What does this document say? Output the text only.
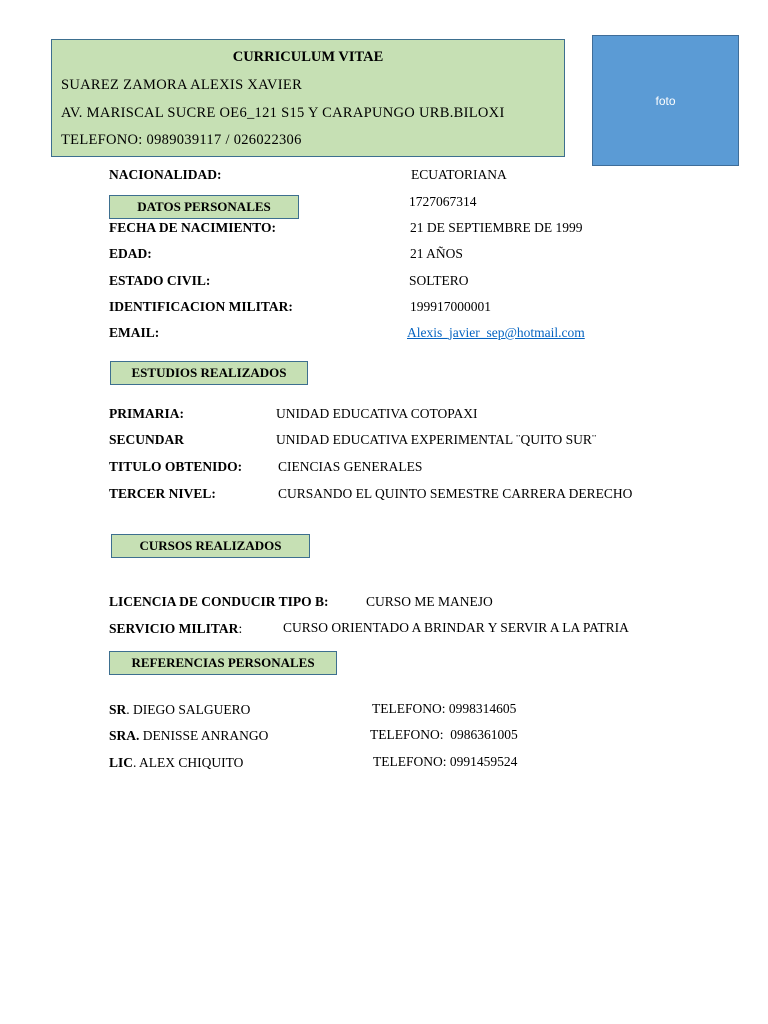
CURRICULUM VITAE
SUAREZ ZAMORA ALEXIS XAVIER
AV. MARISCAL SUCRE OE6_121 S15 Y CARAPUNGO URB.BILOXI
TELEFONO: 0989039117 / 026022306
foto
NACIONALIDAD:	ECUATORIANA
DATOS PERSONALES	1727067314
FECHA DE NACIMIENTO:	21 DE SEPTIEMBRE DE 1999
EDAD:	21 AÑOS
ESTADO CIVIL:	SOLTERO
IDENTIFICACION MILITAR:	199917000001
EMAIL:	Alexis_javier_sep@hotmail.com
ESTUDIOS REALIZADOS
PRIMARIA:	UNIDAD EDUCATIVA COTOPAXI
SECUNDAR	UNIDAD EDUCATIVA EXPERIMENTAL ¨QUITO SUR¨
TITULO OBTENIDO:	CIENCIAS GENERALES
TERCER NIVEL:	CURSANDO EL QUINTO SEMESTRE CARRERA DERECHO
CURSOS REALIZADOS
LICENCIA DE CONDUCIR TIPO B:	CURSO ME MANEJO
SERVICIO MILITAR:	CURSO ORIENTADO A BRINDAR Y SERVIR A LA PATRIA
REFERENCIAS PERSONALES
SR. DIEGO SALGUERO	TELEFONO: 0998314605
SRA. DENISSE ANRANGO	TELEFONO:  0986361005
LIC. ALEX CHIQUITO	TELEFONO: 0991459524
